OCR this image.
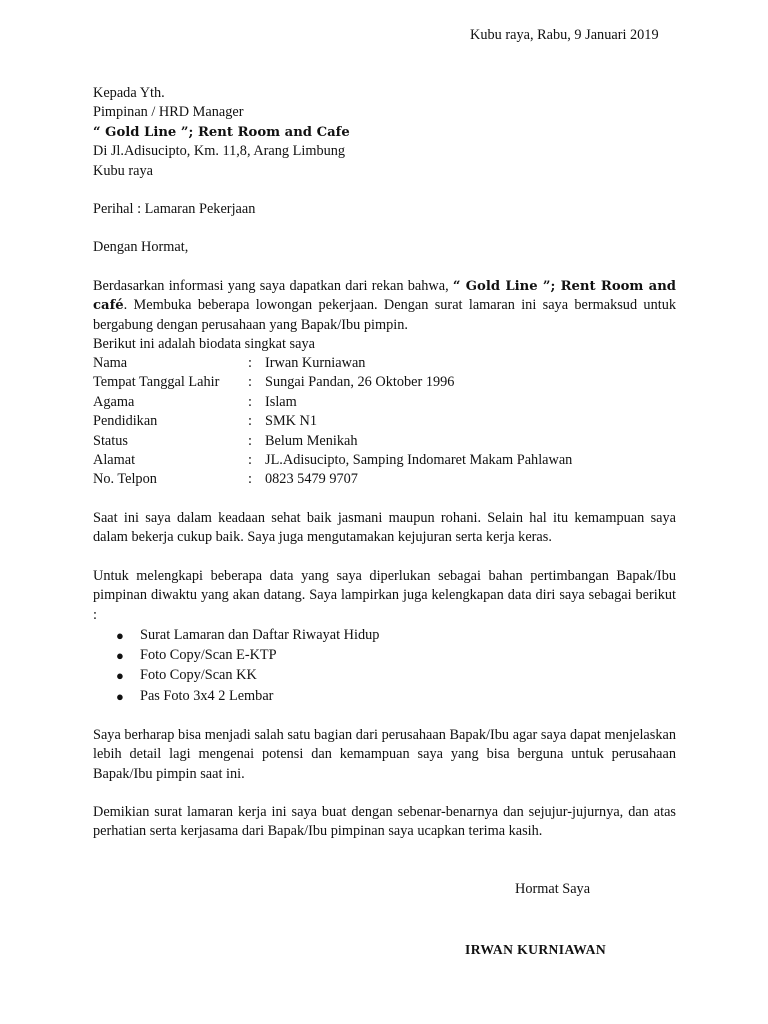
Kubu raya, Rabu, 9 Januari 2019
Kepada Yth.
Pimpinan / HRD Manager
“ Gold Line ”; Rent Room and Cafe
Di Jl.Adisucipto, Km. 11,8, Arang Limbung
Kubu raya
Perihal : Lamaran Pekerjaan
Dengan Hormat,
Berdasarkan informasi yang saya dapatkan dari rekan bahwa, “ Gold Line ”; Rent Room and café. Membuka beberapa lowongan pekerjaan. Dengan surat lamaran ini saya bermaksud untuk bergabung dengan perusahaan yang Bapak/Ibu pimpin.
Berikut ini adalah biodata singkat saya
Nama	:	Irwan Kurniawan
Tempat Tanggal Lahir	:	Sungai Pandan, 26 Oktober 1996
Agama	:	Islam
Pendidikan	:	SMK N1
Status	:	Belum Menikah
Alamat	:	JL.Adisucipto, Samping Indomaret Makam Pahlawan
No. Telpon	:	0823 5479 9707
Saat ini saya dalam keadaan sehat baik jasmani maupun rohani. Selain hal itu kemampuan saya dalam bekerja cukup baik. Saya juga mengutamakan kejujuran serta kerja keras.
Untuk melengkapi beberapa data yang saya diperlukan sebagai bahan pertimbangan Bapak/Ibu pimpinan diwaktu yang akan datang. Saya lampirkan juga kelengkapan data diri saya sebagai berikut :
● Surat Lamaran dan Daftar Riwayat Hidup
● Foto Copy/Scan E-KTP
● Foto Copy/Scan KK
● Pas Foto 3x4 2 Lembar
Saya berharap bisa menjadi salah satu bagian dari perusahaan Bapak/Ibu agar saya dapat menjelaskan lebih detail lagi mengenai potensi dan kemampuan saya yang bisa berguna untuk perusahaan Bapak/Ibu pimpin saat ini.
Demikian surat lamaran kerja ini saya buat dengan sebenar-benarnya dan sejujur-jujurnya, dan atas perhatian serta kerjasama dari Bapak/Ibu pimpinan saya ucapkan terima kasih.
Hormat Saya
IRWAN KURNIAWAN
